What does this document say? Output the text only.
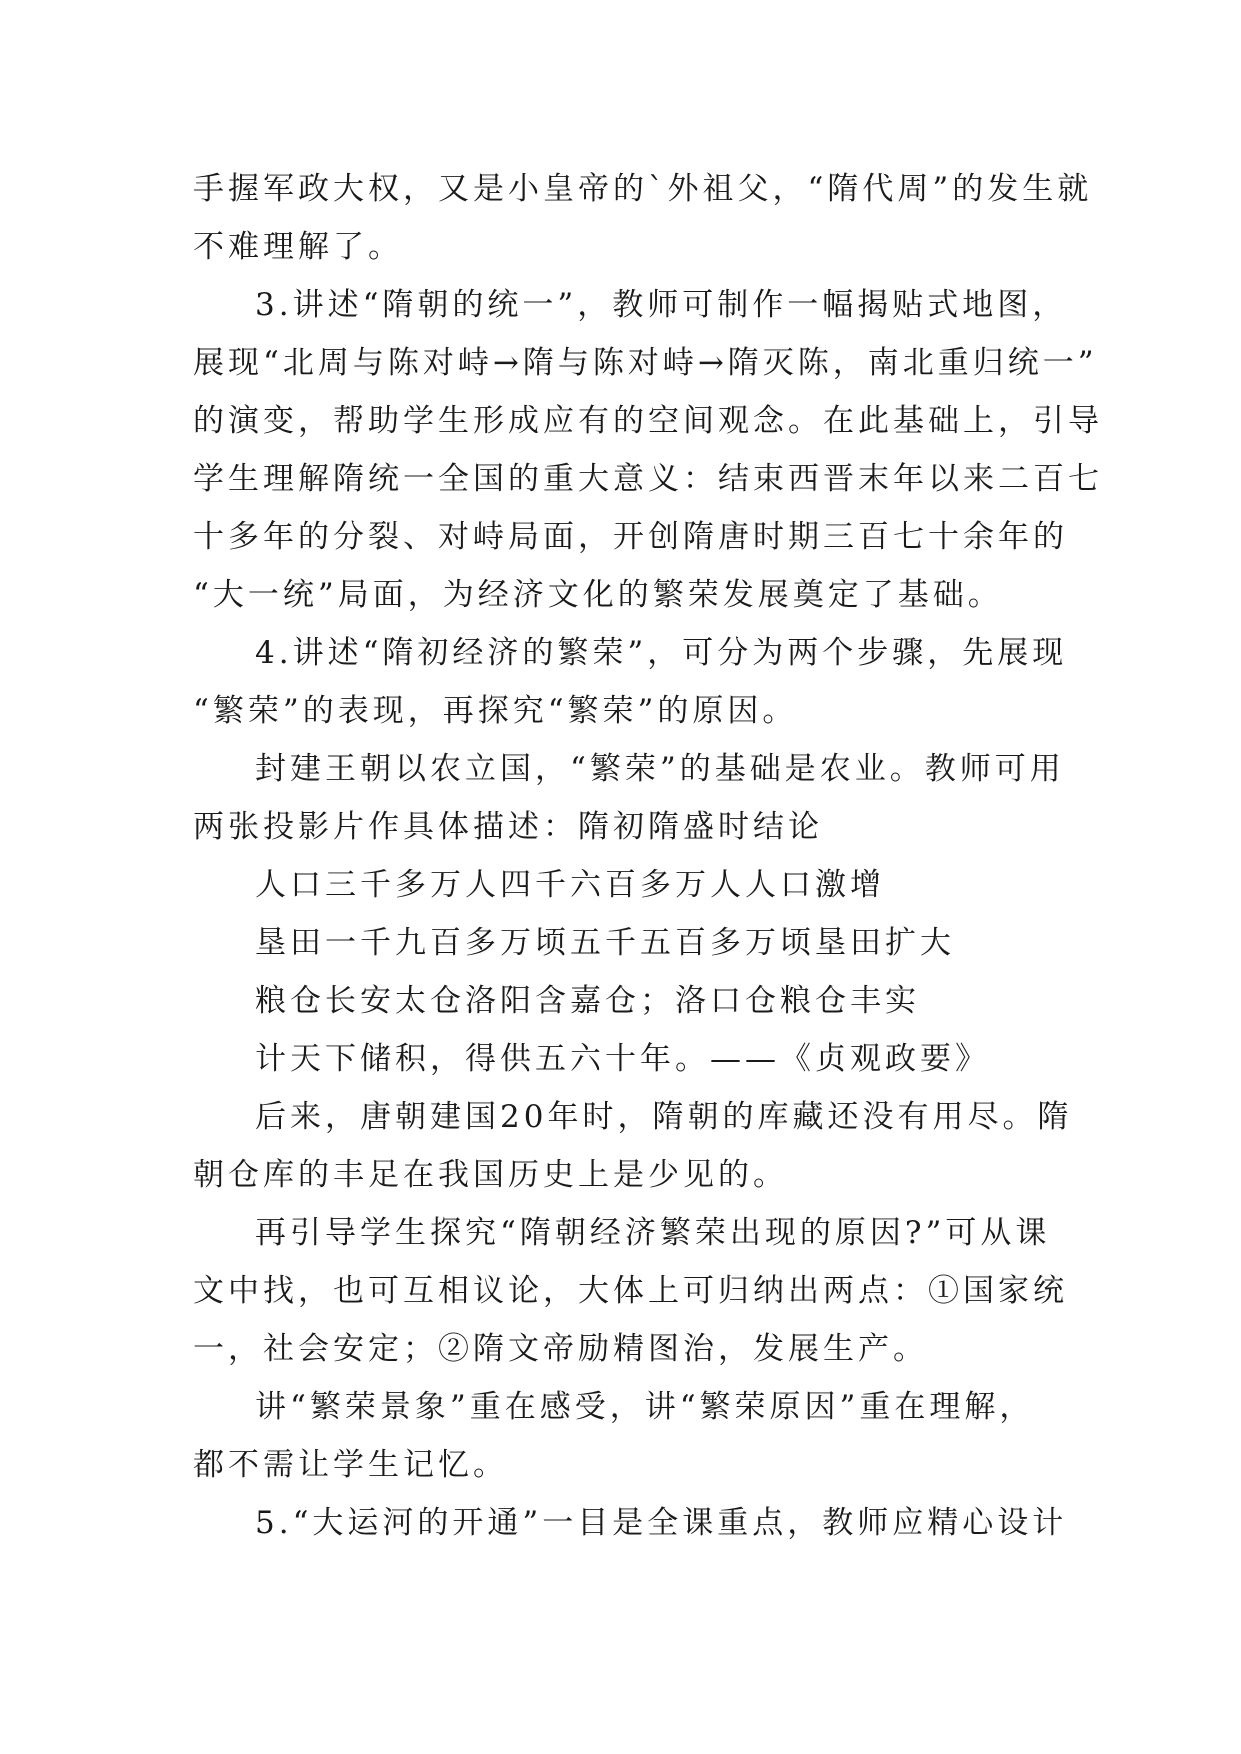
手握军政大权，又是小皇帝的`外祖父，“隋代周”的发生就
不难理解了。
3.讲述“隋朝的统一”，教师可制作一幅揭贴式地图，
展现“北周与陈对峙→隋与陈对峙→隋灭陈，南北重归统一”
的演变，帮助学生形成应有的空间观念。在此基础上，引导
学生理解隋统一全国的重大意义：结束西晋末年以来二百七
十多年的分裂、对峙局面，开创隋唐时期三百七十余年的
“大一统”局面，为经济文化的繁荣发展奠定了基础。
4.讲述“隋初经济的繁荣”，可分为两个步骤，先展现
“繁荣”的表现，再探究“繁荣”的原因。
封建王朝以农立国，“繁荣”的基础是农业。教师可用
两张投影片作具体描述：隋初隋盛时结论
人口三千多万人四千六百多万人人口激增
垦田一千九百多万顷五千五百多万顷垦田扩大
粮仓长安太仓洛阳含嘉仓；洛口仓粮仓丰实
计天下储积，得供五六十年。——《贞观政要》
后来，唐朝建国20年时，隋朝的库藏还没有用尽。隋
朝仓库的丰足在我国历史上是少见的。
再引导学生探究“隋朝经济繁荣出现的原因?”可从课
文中找，也可互相议论，大体上可归纳出两点：①国家统
一，社会安定；②隋文帝励精图治，发展生产。
讲“繁荣景象”重在感受，讲“繁荣原因”重在理解，
都不需让学生记忆。
5.“大运河的开通”一目是全课重点，教师应精心设计
